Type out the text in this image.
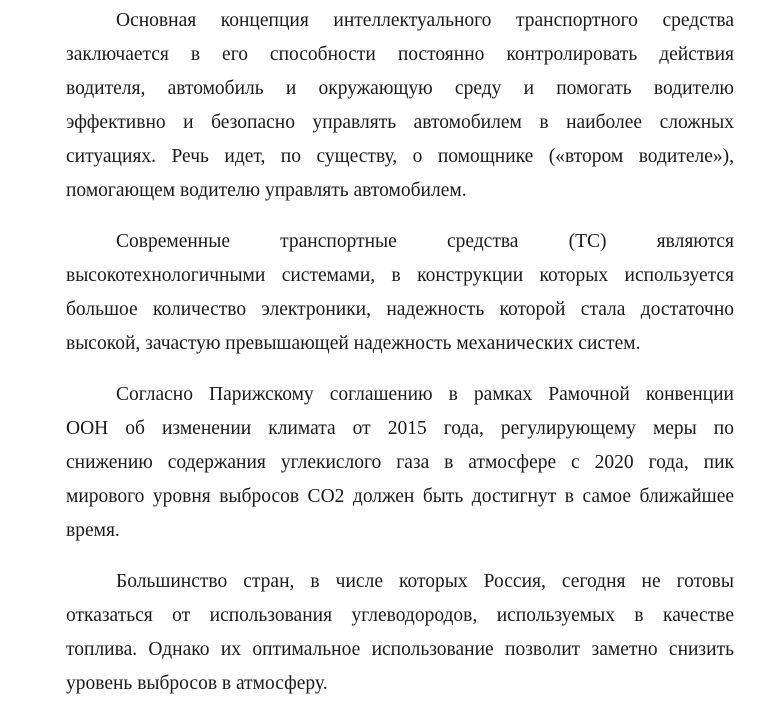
Основная концепция интеллектуального транспортного средства
заключается в его способности постоянно контролировать действия
водителя, автомобиль и окружающую среду и помогать водителю
эффективно и безопасно управлять автомобилем в наиболее сложных
ситуациях. Речь идет, по существу, о помощнике («втором водителе»),
помогающем водителю управлять автомобилем.

Современные транспортные средства (ТС) являются
высокотехнологичными системами, в конструкции которых используется
большое количество электроники, надежность которой стала достаточно
высокой, зачастую превышающей надежность механических систем.

Согласно Парижскому соглашению в рамках Рамочной конвенции
ООН об изменении климата от 2015 года, регулирующему меры по
снижению содержания углекислого газа в атмосфере с 2020 года, пик
мирового уровня выбросов CO2 должен быть достигнут в самое ближайшее
время.

Большинство стран, в числе которых Россия, сегодня не готовы
отказаться от использования углеводородов, используемых в качестве
топлива. Однако их оптимальное использование позволит заметно снизить
уровень выбросов в атмосферу.
